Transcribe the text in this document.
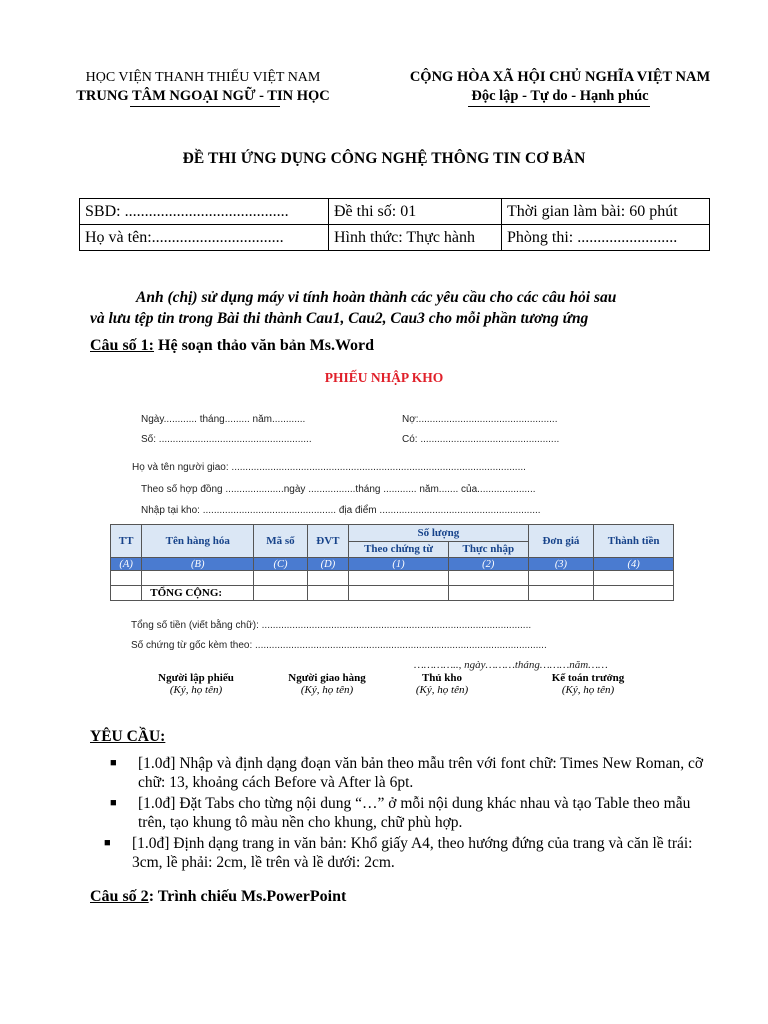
HỌC VIỆN THANH THIẾU VIỆT NAM
TRUNG TÂM NGOẠI NGỮ - TIN HỌC
CỘNG HÒA XÃ HỘI CHỦ NGHĨA VIỆT NAM
Độc lập - Tự do - Hạnh phúc
ĐỀ THI ỨNG DỤNG CÔNG NGHỆ THÔNG TIN CƠ BẢN
SBD: .........................................	Đề thi số: 01	Thời gian làm bài: 60 phút
Họ và tên:.................................	Hình thức: Thực hành	Phòng thi: .........................
Anh (chị) sử dụng máy vi tính hoàn thành các yêu cầu cho các câu hỏi sau
và lưu tệp tin trong Bài thi thành Cau1, Cau2, Cau3 cho mỗi phần tương ứng
Câu số 1: Hệ soạn thảo văn bản Ms.Word
PHIẾU NHẬP KHO
Ngày............ tháng......... năm............	Nợ:..................................................
Số: .......................................................	Có: ..................................................
Họ và tên người giao: ..........................................................................................................
Theo số hợp đồng .....................ngày .................tháng ............ năm....... của.....................
Nhập tại kho: ................................................ địa điểm ..........................................................
TT	Tên hàng hóa	Mã số	ĐVT	Số lượng		Đơn giá	Thành tiền
				Theo chứng từ	Thực nhập		
(A)	(B)	(C)	(D)	(1)	(2)	(3)	(4)

	TỔNG CỘNG:						
Tổng số tiền (viết bằng chữ): .................................................................................................
Số chứng từ gốc kèm theo: .........................................................................................................
………….., ngày………tháng………năm……
Người lập phiếu
(Ký, họ tên)
Người giao hàng
(Ký, họ tên)
Thủ kho
(Ký, họ tên)
Kế toán trưởng
(Ký, họ tên)
YÊU CẦU:
■ [1.0đ] Nhập và định dạng đoạn văn bản theo mẫu trên với font chữ: Times New Roman, cỡ chữ: 13, khoảng cách Before và After là 6pt.
■ [1.0đ] Đặt Tabs cho từng nội dung “…” ở mỗi nội dung khác nhau và tạo Table theo mẫu trên, tạo khung tô màu nền cho khung, chữ phù hợp.
■ [1.0đ] Định dạng trang in văn bản: Khổ giấy A4, theo hướng đứng của trang và căn lề trái: 3cm, lề phải: 2cm, lề trên và lề dưới: 2cm.
Câu số 2: Trình chiếu Ms.PowerPoint
